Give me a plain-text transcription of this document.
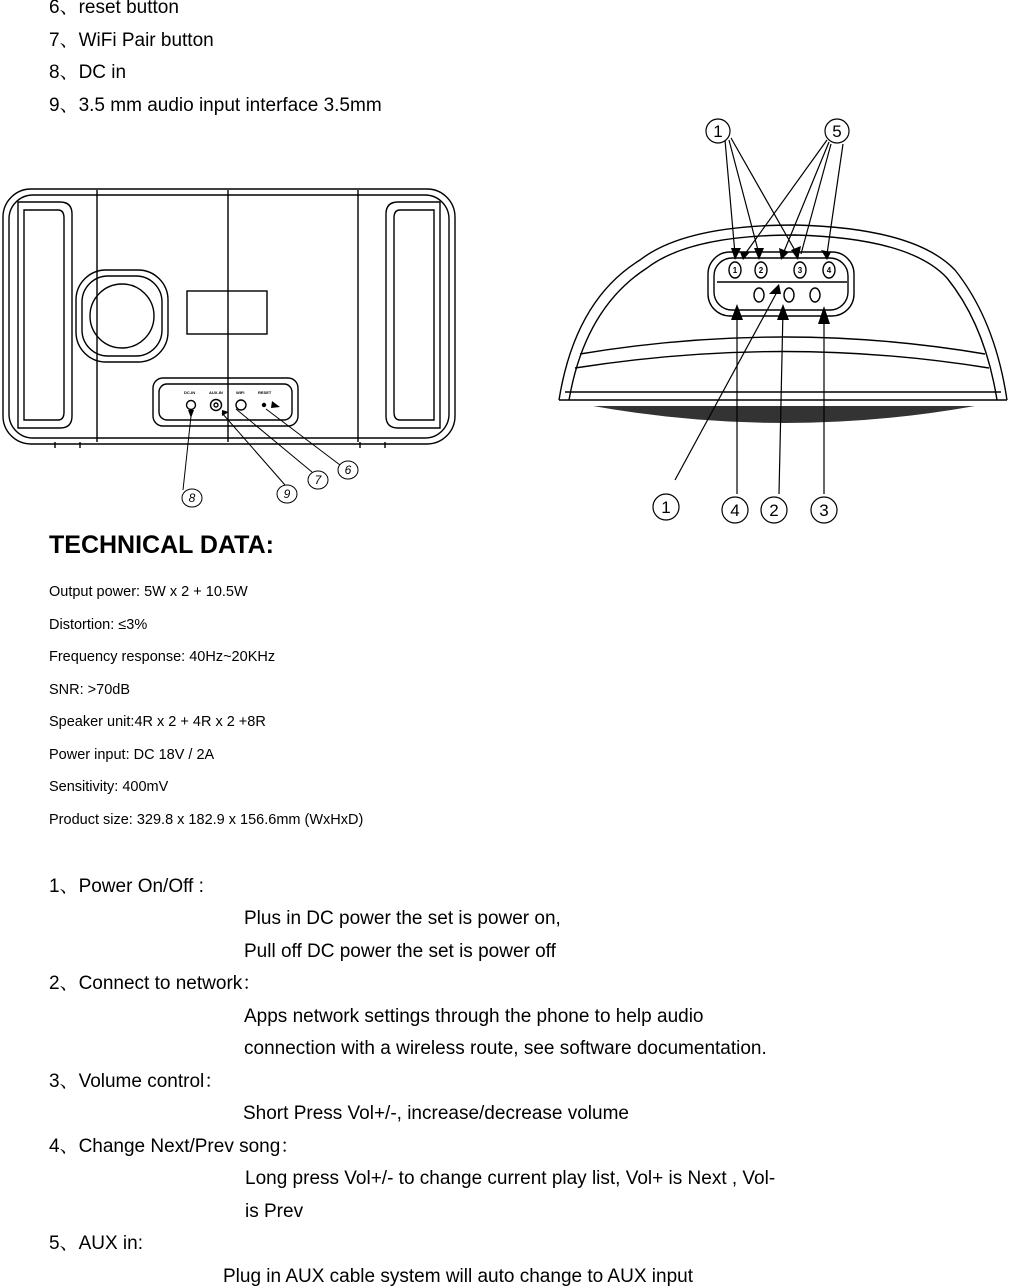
6、reset button
7、WiFi Pair button
8、DC in
9、3.5 mm audio input interface 3.5mm
DC-IN	AUX-IN	WIFI	RESET
8	9
7
6
1	2	3	4
1	5
1	4 2 3
TECHNICAL DATA:
Output power: 5W x 2 + 10.5W
Distortion: ≤3%
Frequency response: 40Hz~20KHz
SNR: >70dB
Speaker unit:4R x 2 + 4R x 2 +8R
Power input: DC 18V / 2A
Sensitivity: 400mV
Product size: 329.8 x 182.9 x 156.6mm (WxHxD)
1、Power On/Off :
Plus in DC power the set is power on,
Pull off DC power the set is power off
2、Connect to network：
Apps network settings through the phone to help audio
connection with a wireless route, see software documentation.
3、Volume control：
Short Press Vol+/-, increase/decrease volume
4、Change Next/Prev song：
Long press Vol+/- to change current play list, Vol+ is Next , Vol-
is Prev
5、AUX in:
Plug in AUX cable system will auto change to AUX input
